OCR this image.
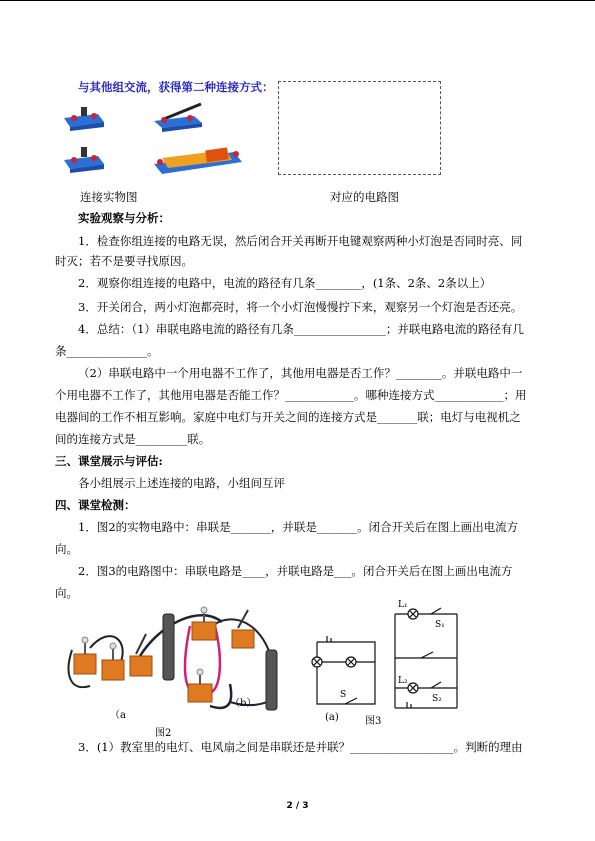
与其他组交流，获得第二种连接方式：
连接实物图	对应的电路图
实验观察与分析：
1．检查你组连接的电路无误，然后闭合开关再断开电键观察两种小灯泡是否同时亮、同
时灭；若不是要寻找原因。
2．观察你组连接的电路中，电流的路径有几条________，(1条、2条、2条以上）
3．开关闭合，两小灯泡都亮时，将一个小灯泡慢慢拧下来，观察另一个灯泡是否还亮。
4．总结：（1）串联电路电流的路径有几条________________；并联电路电流的路径有几
条______________。
（2）串联电路中一个用电器不工作了，其他用电器是否工作？________。并联电路中一
个用电器不工作了，其他用电器是否能工作？____________。哪种连接方式____________；用
电器间的工作不相互影响。家庭中电灯与开关之间的连接方式是_______联；电灯与电视机之
间的连接方式是_________联。
三、课堂展示与评估:
各小组展示上述连接的电路，小组间互评
四、课堂检测：
1．图2的实物电路中：串联是_______，并联是_______。闭合开关后在图上画出电流方
向。
2．图3的电路图中：串联电路是____，并联电路是___。闭合开关后在图上画出电流方
向。
（a
（b）
图2
L₁
S₁
L₂
S₂
S
(a)	图3
3．(1）教室里的电灯、电风扇之间是串联还是并联？__________________。判断的理由
2 / 3
